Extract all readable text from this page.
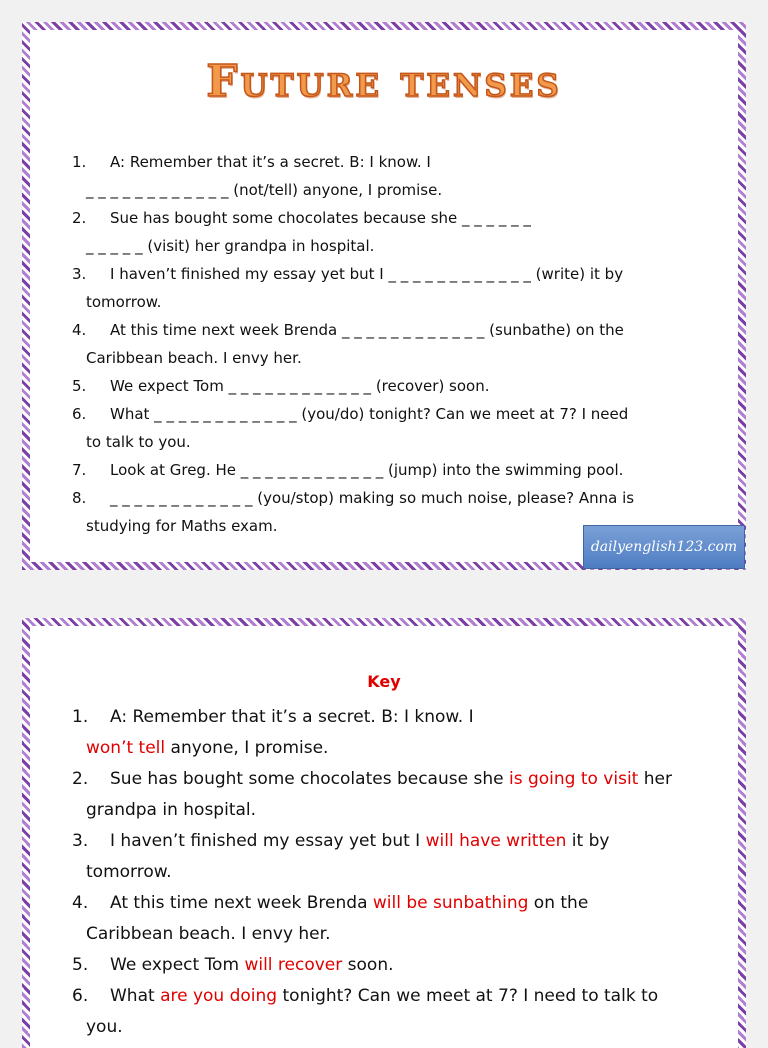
Future tenses
1.	A: Remember that it’s a secret. B: I know. I
_ _ _ _ _ _ _ _ _ _ _ _ (not/tell) anyone, I promise.
2.	Sue has bought some chocolates because she _ _ _ _ _ _
_ _ _ _ _ (visit) her grandpa in hospital.
3.	I haven’t finished my essay yet but I _ _ _ _ _ _ _ _ _ _ _ _ (write) it by
tomorrow.
4.	At this time next week Brenda _ _ _ _ _ _ _ _ _ _ _ _ (sunbathe) on the
Caribbean beach. I envy her.
5.	We expect Tom _ _ _ _ _ _ _ _ _ _ _ _ (recover) soon.
6.	What _ _ _ _ _ _ _ _ _ _ _ _ (you/do) tonight? Can we meet at 7? I need
to talk to you.
7.	Look at Greg. He _ _ _ _ _ _ _ _ _ _ _ _ (jump) into the swimming pool.
8.	_ _ _ _ _ _ _ _ _ _ _ _ (you/stop) making so much noise, please? Anna is
studying for Maths exam.
dailyenglish123.com
Key
1. A: Remember that it’s a secret. B: I know. I
won’t tell anyone, I promise.
2. Sue has bought some chocolates because she is going to visit her
grandpa in hospital.
3. I haven’t finished my essay yet but I will have written it by
tomorrow.
4. At this time next week Brenda will be sunbathing on the
Caribbean beach. I envy her.
5. We expect Tom will recover soon.
6. What are you doing tonight? Can we meet at 7? I need to talk to
you.
